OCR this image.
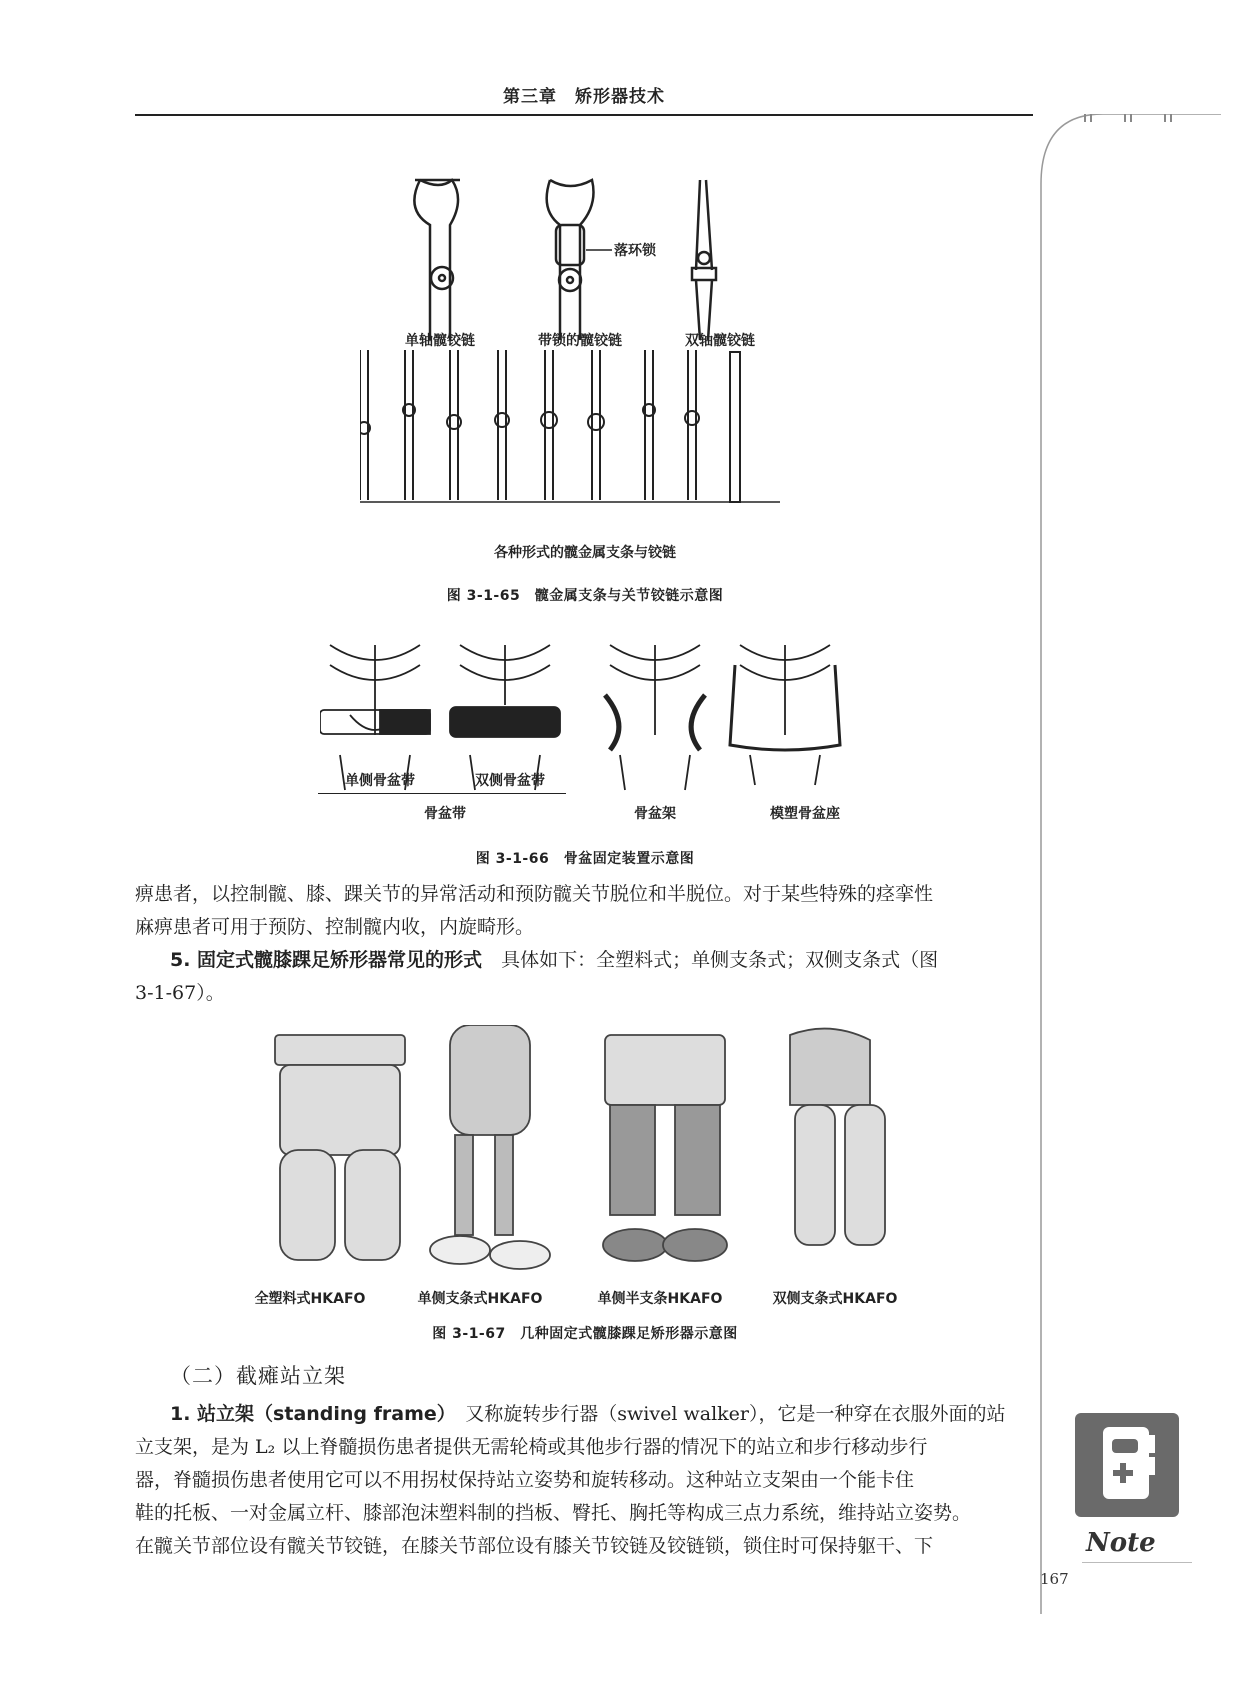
第三章　矫形器技术
单轴髋铰链	带锁的髋铰链	双轴髋铰链
落环锁
各种形式的髋金属支条与铰链
图 3-1-65　髋金属支条与关节铰链示意图
单侧骨盆带	双侧骨盆带
骨盆带	骨盆架	模塑骨盆座
图 3-1-66　骨盆固定装置示意图
痹患者，以控制髋、膝、踝关节的异常活动和预防髋关节脱位和半脱位。对于某些特殊的痉挛性
麻痹患者可用于预防、控制髋内收，内旋畸形。
5. 固定式髋膝踝足矫形器常见的形式　具体如下：全塑料式；单侧支条式；双侧支条式（图
3-1-67）。
全塑料式HKAFO	单侧支条式HKAFO	单侧半支条HKAFO	双侧支条式HKAFO
图 3-1-67　几种固定式髋膝踝足矫形器示意图
（二）截瘫站立架
1. 站立架（standing frame）　又称旋转步行器（swivel walker），它是一种穿在衣服外面的站
立支架，是为 L₂ 以上脊髓损伤患者提供无需轮椅或其他步行器的情况下的站立和步行移动步行
器，脊髓损伤患者使用它可以不用拐杖保持站立姿势和旋转移动。这种站立支架由一个能卡住
鞋的托板、一对金属立杆、膝部泡沫塑料制的挡板、臀托、胸托等构成三点力系统，维持站立姿势。
在髋关节部位设有髋关节铰链，在膝关节部位设有膝关节铰链及铰链锁，锁住时可保持躯干、下	Note
167
